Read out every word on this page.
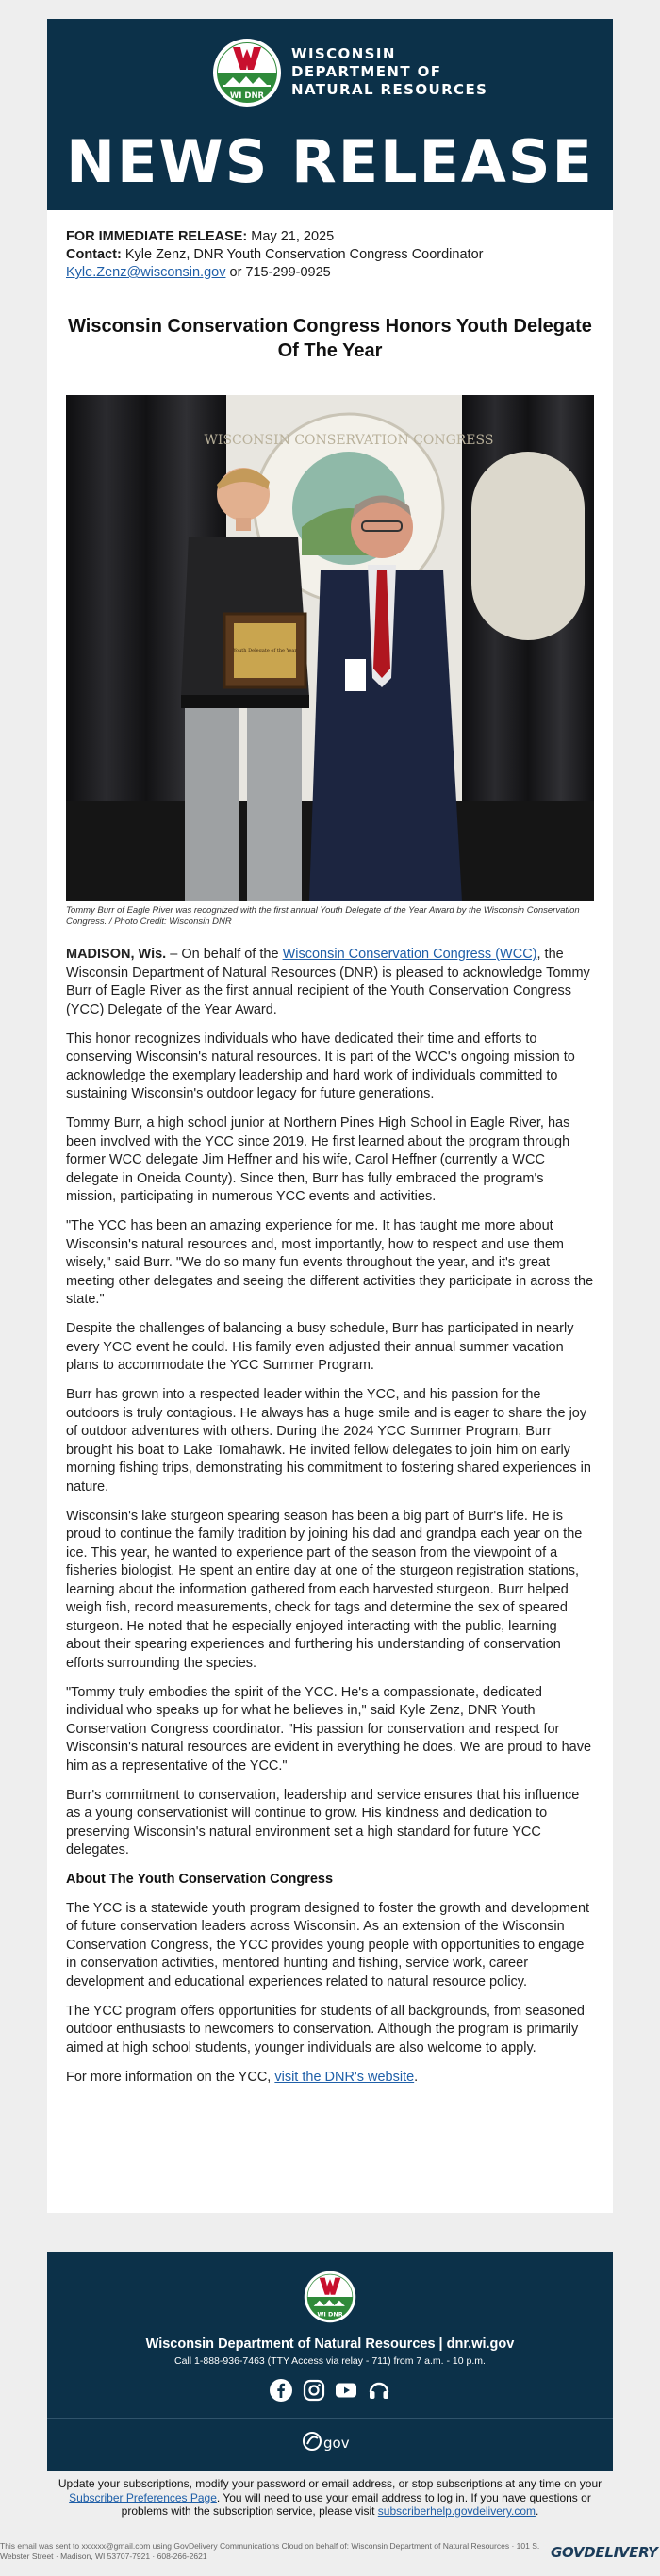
WI DNR
WISCONSIN
DEPARTMENT OF
NATURAL RESOURCES
NEWS RELEASE

FOR IMMEDIATE RELEASE: May 21, 2025

Contact: Kyle Zenz, DNR Youth Conservation Congress Coordinator

Kyle.Zenz@wisconsin.gov or 715-299-0925

Wisconsin Conservation Congress Honors Youth Delegate Of The Year
WISCONSIN CONSERVATION CONGRESS
Youth Delegate of the Year
Tommy Burr of Eagle River was recognized with the first annual Youth Delegate of the Year Award by the Wisconsin Conservation Congress. / Photo Credit: Wisconsin DNR

MADISON, Wis. – On behalf of the Wisconsin Conservation Congress (WCC), the Wisconsin Department of Natural Resources (DNR) is pleased to acknowledge Tommy Burr of Eagle River as the first annual recipient of the Youth Conservation Congress (YCC) Delegate of the Year Award.

This honor recognizes individuals who have dedicated their time and efforts to conserving Wisconsin's natural resources. It is part of the WCC's ongoing mission to acknowledge the exemplary leadership and hard work of individuals committed to sustaining Wisconsin's outdoor legacy for future generations.

Tommy Burr, a high school junior at Northern Pines High School in Eagle River, has been involved with the YCC since 2019. He first learned about the program through former WCC delegate Jim Heffner and his wife, Carol Heffner (currently a WCC delegate in Oneida County). Since then, Burr has fully embraced the program's mission, participating in numerous YCC events and activities.

"The YCC has been an amazing experience for me. It has taught me more about Wisconsin's natural resources and, most importantly, how to respect and use them wisely," said Burr. "We do so many fun events throughout the year, and it's great meeting other delegates and seeing the different activities they participate in across the state."

Despite the challenges of balancing a busy schedule, Burr has participated in nearly every YCC event he could. His family even adjusted their annual summer vacation plans to accommodate the YCC Summer Program.

Burr has grown into a respected leader within the YCC, and his passion for the outdoors is truly contagious. He always has a huge smile and is eager to share the joy of outdoor adventures with others. During the 2024 YCC Summer Program, Burr brought his boat to Lake Tomahawk. He invited fellow delegates to join him on early morning fishing trips, demonstrating his commitment to fostering shared experiences in nature.

Wisconsin's lake sturgeon spearing season has been a big part of Burr's life. He is proud to continue the family tradition by joining his dad and grandpa each year on the ice. This year, he wanted to experience part of the season from the viewpoint of a fisheries biologist. He spent an entire day at one of the sturgeon registration stations, learning about the information gathered from each harvested sturgeon. Burr helped weigh fish, record measurements, check for tags and determine the sex of speared sturgeon. He noted that he especially enjoyed interacting with the public, learning about their spearing experiences and furthering his understanding of conservation efforts surrounding the species.

"Tommy truly embodies the spirit of the YCC. He's a compassionate, dedicated individual who speaks up for what he believes in," said Kyle Zenz, DNR Youth Conservation Congress coordinator. "His passion for conservation and respect for Wisconsin's natural resources are evident in everything he does. We are proud to have him as a representative of the YCC."

Burr's commitment to conservation, leadership and service ensures that his influence as a young conservationist will continue to grow. His kindness and dedication to preserving Wisconsin's natural environment set a high standard for future YCC delegates.

About The Youth Conservation Congress

The YCC is a statewide youth program designed to foster the growth and development of future conservation leaders across Wisconsin. As an extension of the Wisconsin Conservation Congress, the YCC provides young people with opportunities to engage in conservation activities, mentored hunting and fishing, service work, career development and educational experiences related to natural resource policy.

The YCC program offers opportunities for students of all backgrounds, from seasoned outdoor enthusiasts to newcomers to conservation. Although the program is primarily aimed at high school students, younger individuals are also welcome to apply.

For more information on the YCC, visit the DNR's website.

WI DNR
Wisconsin Department of Natural Resources | dnr.wi.gov
Call 1-888-936-7463 (TTY Access via relay - 711) from 7 a.m. - 10 p.m.

gov
Update your subscriptions, modify your password or email address, or stop subscriptions at any time on your Subscriber Preferences Page. You will need to use your email address to log in. If you have questions or problems with the subscription service, please visit subscriberhelp.govdelivery.com.
This email was sent to xxxxxx@gmail.com using GovDelivery Communications Cloud on behalf of: Wisconsin Department of Natural Resources · 101 S. Webster Street · Madison, WI 53707-7921 · 608-266-2621	GOVDELIVERY
